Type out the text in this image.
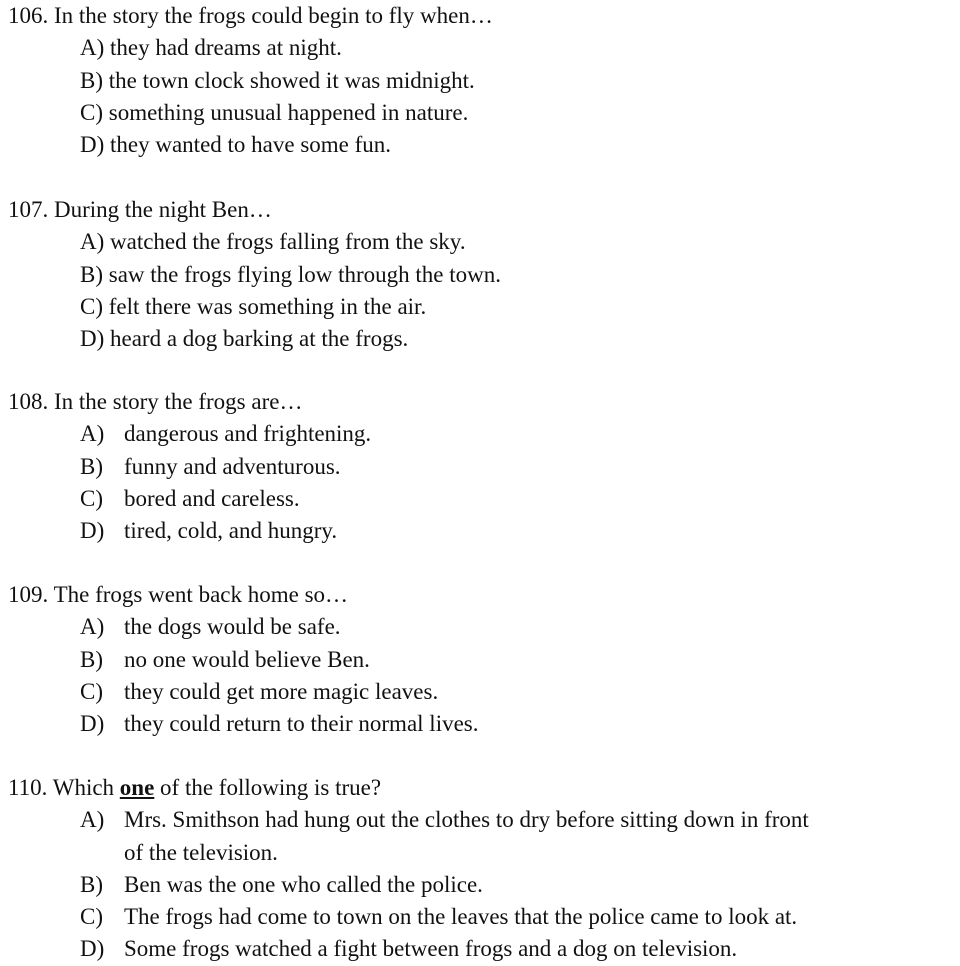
106. In the story the frogs could begin to fly when…
A) they had dreams at night.
B) the town clock showed it was midnight.
C) something unusual happened in nature.
D) they wanted to have some fun.
107. During the night Ben…
A) watched the frogs falling from the sky.
B) saw the frogs flying low through the town.
C) felt there was something in the air.
D) heard a dog barking at the frogs.
108. In the story the frogs are…
A) dangerous and frightening.
B) funny and adventurous.
C) bored and careless.
D) tired, cold, and hungry.
109. The frogs went back home so…
A) the dogs would be safe.
B) no one would believe Ben.
C) they could get more magic leaves.
D) they could return to their normal lives.
110. Which one of the following is true?
A) Mrs. Smithson had hung out the clothes to dry before sitting down in front
of the television.
B) Ben was the one who called the police.
C) The frogs had come to town on the leaves that the police came to look at.
D) Some frogs watched a fight between frogs and a dog on television.
